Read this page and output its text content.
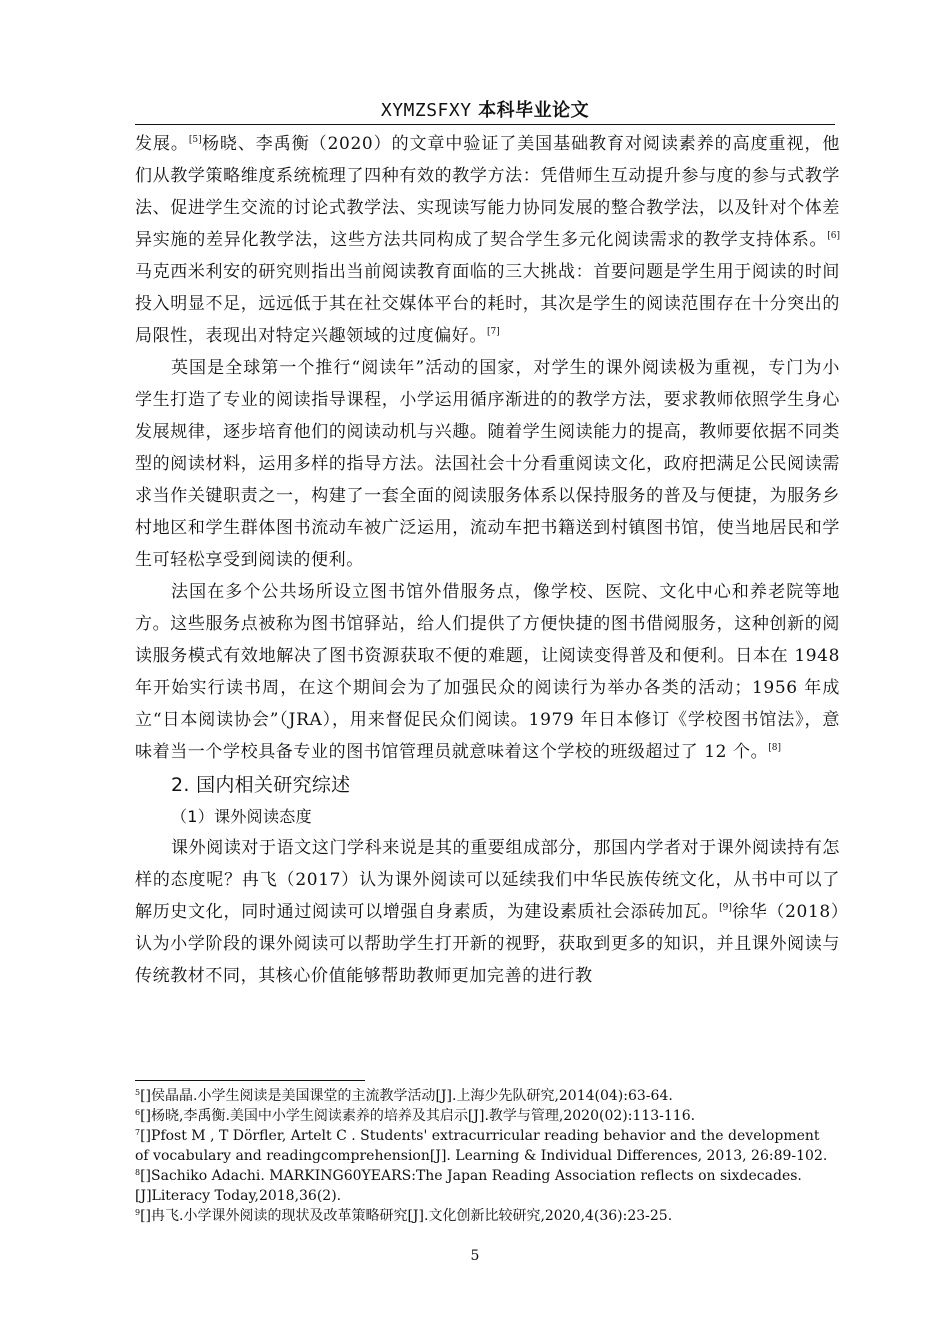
XYMZSFXY 本科毕业论文

发展。[5]杨晓、李禹衡（2020）的文章中验证了美国基础教育对阅读素养的高度重视，他们从教学策略维度系统梳理了四种有效的教学方法：凭借师生互动提升参与度的参与式教学法、促进学生交流的讨论式教学法、实现读写能力协同发展的整合教学法，以及针对个体差异实施的差异化教学法，这些方法共同构成了契合学生多元化阅读需求的教学支持体系。[6]马克西米利安的研究则指出当前阅读教育面临的三大挑战：首要问题是学生用于阅读的时间投入明显不足，远远低于其在社交媒体平台的耗时，其次是学生的阅读范围存在十分突出的局限性，表现出对特定兴趣领域的过度偏好。[7]

英国是全球第一个推行“阅读年”活动的国家，对学生的课外阅读极为重视，专门为小学生打造了专业的阅读指导课程，小学运用循序渐进的的教学方法，要求教师依照学生身心发展规律，逐步培育他们的阅读动机与兴趣。随着学生阅读能力的提高，教师要依据不同类型的阅读材料，运用多样的指导方法。法国社会十分看重阅读文化，政府把满足公民阅读需求当作关键职责之一，构建了一套全面的阅读服务体系以保持服务的普及与便捷，为服务乡村地区和学生群体图书流动车被广泛运用，流动车把书籍送到村镇图书馆，使当地居民和学生可轻松享受到阅读的便利。

法国在多个公共场所设立图书馆外借服务点，像学校、医院、文化中心和养老院等地方。这些服务点被称为图书馆驿站，给人们提供了方便快捷的图书借阅服务，这种创新的阅读服务模式有效地解决了图书资源获取不便的难题，让阅读变得普及和便利。日本在 1948 年开始实行读书周，在这个期间会为了加强民众的阅读行为举办各类的活动；1956 年成立“日本阅读协会”（JRA），用来督促民众们阅读。1979 年日本修订《学校图书馆法》，意味着当一个学校具备专业的图书馆管理员就意味着这个学校的班级超过了 12 个。[8]

2. 国内相关研究综述
（1）课外阅读态度

课外阅读对于语文这门学科来说是其的重要组成部分，那国内学者对于课外阅读持有怎样的态度呢？冉飞（2017）认为课外阅读可以延续我们中华民族传统文化，从书中可以了解历史文化，同时通过阅读可以增强自身素质，为建设素质社会添砖加瓦。[9]徐华（2018）认为小学阶段的课外阅读可以帮助学生打开新的视野，获取到更多的知识，并且课外阅读与传统教材不同，其核心价值能够帮助教师更加完善的进行教

$^5$[]侯晶晶.小学生阅读是美国课堂的主流教学活动[J].上海少先队研究,2014(04):63-64.

$^6$[]杨晓,李禹衡.美国中小学生阅读素养的培养及其启示[J].教学与管理,2020(02):113-116.

$^7$[]Pfost M , T Dörfler, Artelt C . Students' extracurricular reading behavior and the development of vocabulary and readingcomprehension[J]. Learning & Individual Differences, 2013, 26:89-102.

$^8$[]Sachiko Adachi. MARKING60YEARS:The Japan Reading Association reflects on sixdecades.[J]Literacy Today,2018,36(2).

$^9$[]冉飞.小学课外阅读的现状及改革策略研究[J].文化创新比较研究,2020,4(36):23-25.

5
